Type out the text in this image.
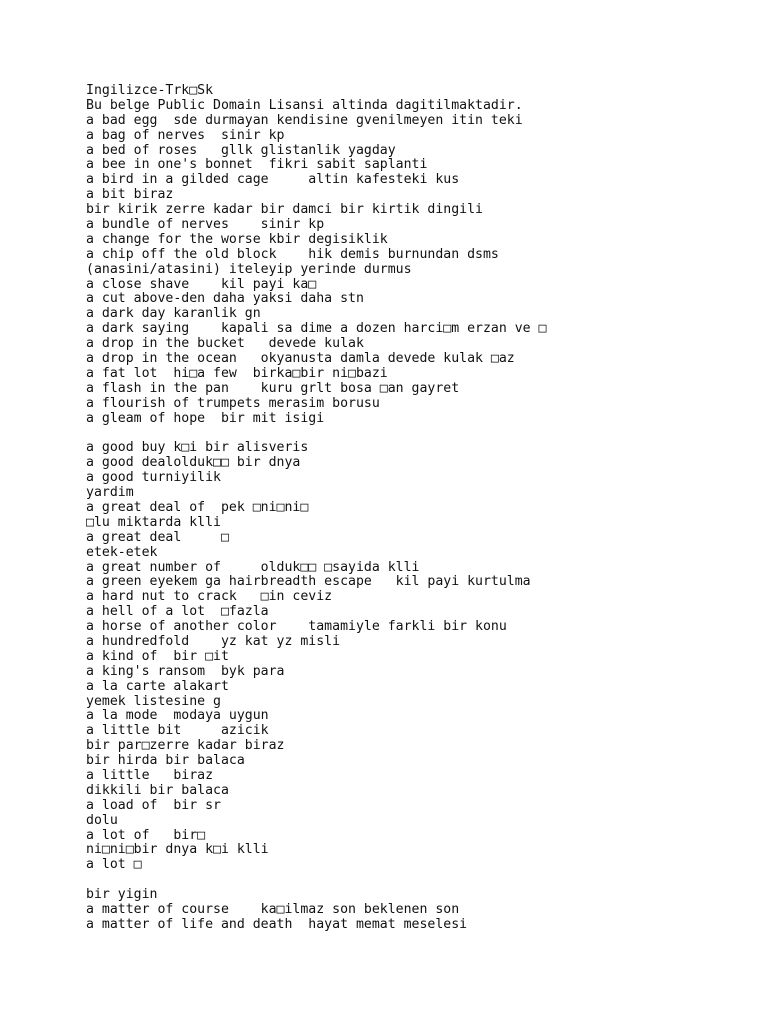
Ingilizce-Trk□Sk
Bu belge Public Domain Lisansi altinda dagitilmaktadir.
a bad egg  sde durmayan kendisine gvenilmeyen itin teki
a bag of nerves  sinir kp
a bed of roses   gllk glistanlik yagday
a bee in one's bonnet  fikri sabit saplanti
a bird in a gilded cage     altin kafesteki kus
a bit biraz
bir kirik zerre kadar bir damci bir kirtik dingili
a bundle of nerves    sinir kp
a change for the worse kbir degisiklik
a chip off the old block    hik demis burnundan dsms
(anasini/atasini) iteleyip yerinde durmus
a close shave    kil payi ka□
a cut above-den daha yaksi daha stn
a dark day karanlik gn
a dark saying    kapali sa dime a dozen harci□m erzan ve □
a drop in the bucket   devede kulak
a drop in the ocean   okyanusta damla devede kulak □az
a fat lot  hi□a few  birka□bir ni□bazi
a flash in the pan    kuru grlt bosa □an gayret
a flourish of trumpets merasim borusu
a gleam of hope  bir mit isigi
a good buy k□i bir alisveris
a good dealolduk□□ bir dnya
a good turniyilik
yardim
a great deal of  pek □ni□ni□
□lu miktarda klli
a great deal     □
etek-etek
a great number of     olduk□□ □sayida klli
a green eyekem ga hairbreadth escape   kil payi kurtulma
a hard nut to crack   □in ceviz
a hell of a lot  □fazla
a horse of another color    tamamiyle farkli bir konu
a hundredfold    yz kat yz misli
a kind of  bir □it
a king's ransom  byk para
a la carte alakart
yemek listesine g
a la mode  modaya uygun
a little bit     azicik
bir par□zerre kadar biraz
bir hirda bir balaca
a little   biraz
dikkili bir balaca
a load of  bir sr
dolu
a lot of   bir□
ni□ni□bir dnya k□i klli
a lot □
bir yigin
a matter of course    ka□ilmaz son beklenen son
a matter of life and death  hayat memat meselesi
